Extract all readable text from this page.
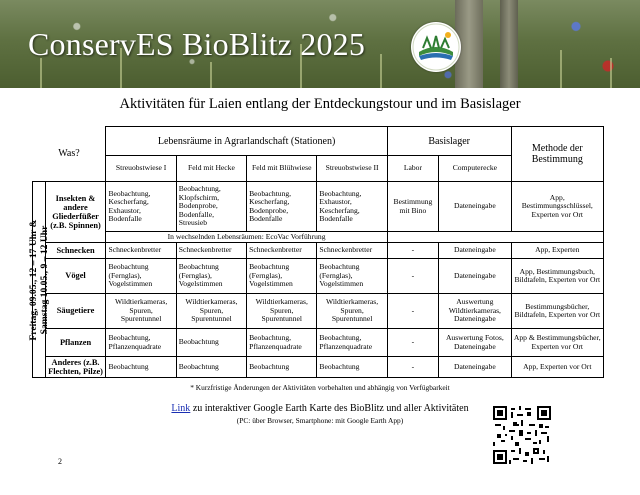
ConservES BioBlitz 2025
Aktivitäten für Laien entlang der Entdeckungstour und im Basislager
Was?		Lebensräume in Agrarlandschaft (Stationen)				Basislager		Methode der Bestimmung
		Streuobstwiese I	Feld mit Hecke	Feld mit Blühwiese	Streuobstwiese II	Labor	Computerecke	

Freitag, 09.05., 12 – 17 Uhr &
Samstag 10.05., 9 – 12 Uhr	Insekten & andere Gliederfüßer (z.B. Spinnen)	Beobachtung, Kescherfang, Exhaustor, Bodenfalle	Beobachtung, Klopfschirm, Bodenprobe, Bodenfalle, Streusieb	Beobachtung, Kescherfang, Bodenprobe, Bodenfalle	Beobachtung, Exhaustor, Kescherfang, Bodenfalle	Bestimmung mit Bino	Dateneingabe	App, Bestimmungsschlüssel, Experten vor Ort
		In wechselnden Lebensräumen: EcoVac Vorführung						
	Schnecken	Schneckenbretter	Schneckenbretter	Schneckenbretter	Schneckenbretter	-	Dateneingabe	App, Experten
	Vögel	Beobachtung (Fernglas), Vogelstimmen	Beobachtung (Fernglas), Vogelstimmen	Beobachtung (Fernglas), Vogelstimmen	Beobachtung (Fernglas), Vogelstimmen	-	Dateneingabe	App, Bestimmungsbuch, Bildtafeln, Experten vor Ort
	Säugetiere	Wildtierkameras, Spuren, Spurentunnel	Wildtierkameras, Spuren, Spurentunnel	Wildtierkameras, Spuren, Spurentunnel	Wildtierkameras, Spuren, Spurentunnel	-	Auswertung Wildtierkameras, Dateneingabe	Bestimmungsbücher, Bildtafeln, Experten vor Ort
	Pflanzen	Beobachtung, Pflanzenquadrate	Beobachtung	Beobachtung, Pflanzenquadrate	Beobachtung, Pflanzenquadrate	-	Auswertung Fotos, Dateneingabe	App & Bestimmungsbücher, Experten vor Ort
	Anderes (z.B. Flechten, Pilze)	Beobachtung	Beobachtung	Beobachtung	Beobachtung	-	Dateneingabe	App, Experten vor Ort
* Kurzfristige Änderungen der Aktivitäten vorbehalten und abhängig von Verfügbarkeit
Link zu interaktiver Google Earth Karte des BioBlitz und aller Aktivitäten
(PC: über Browser, Smartphone: mit Google Earth App)
2
